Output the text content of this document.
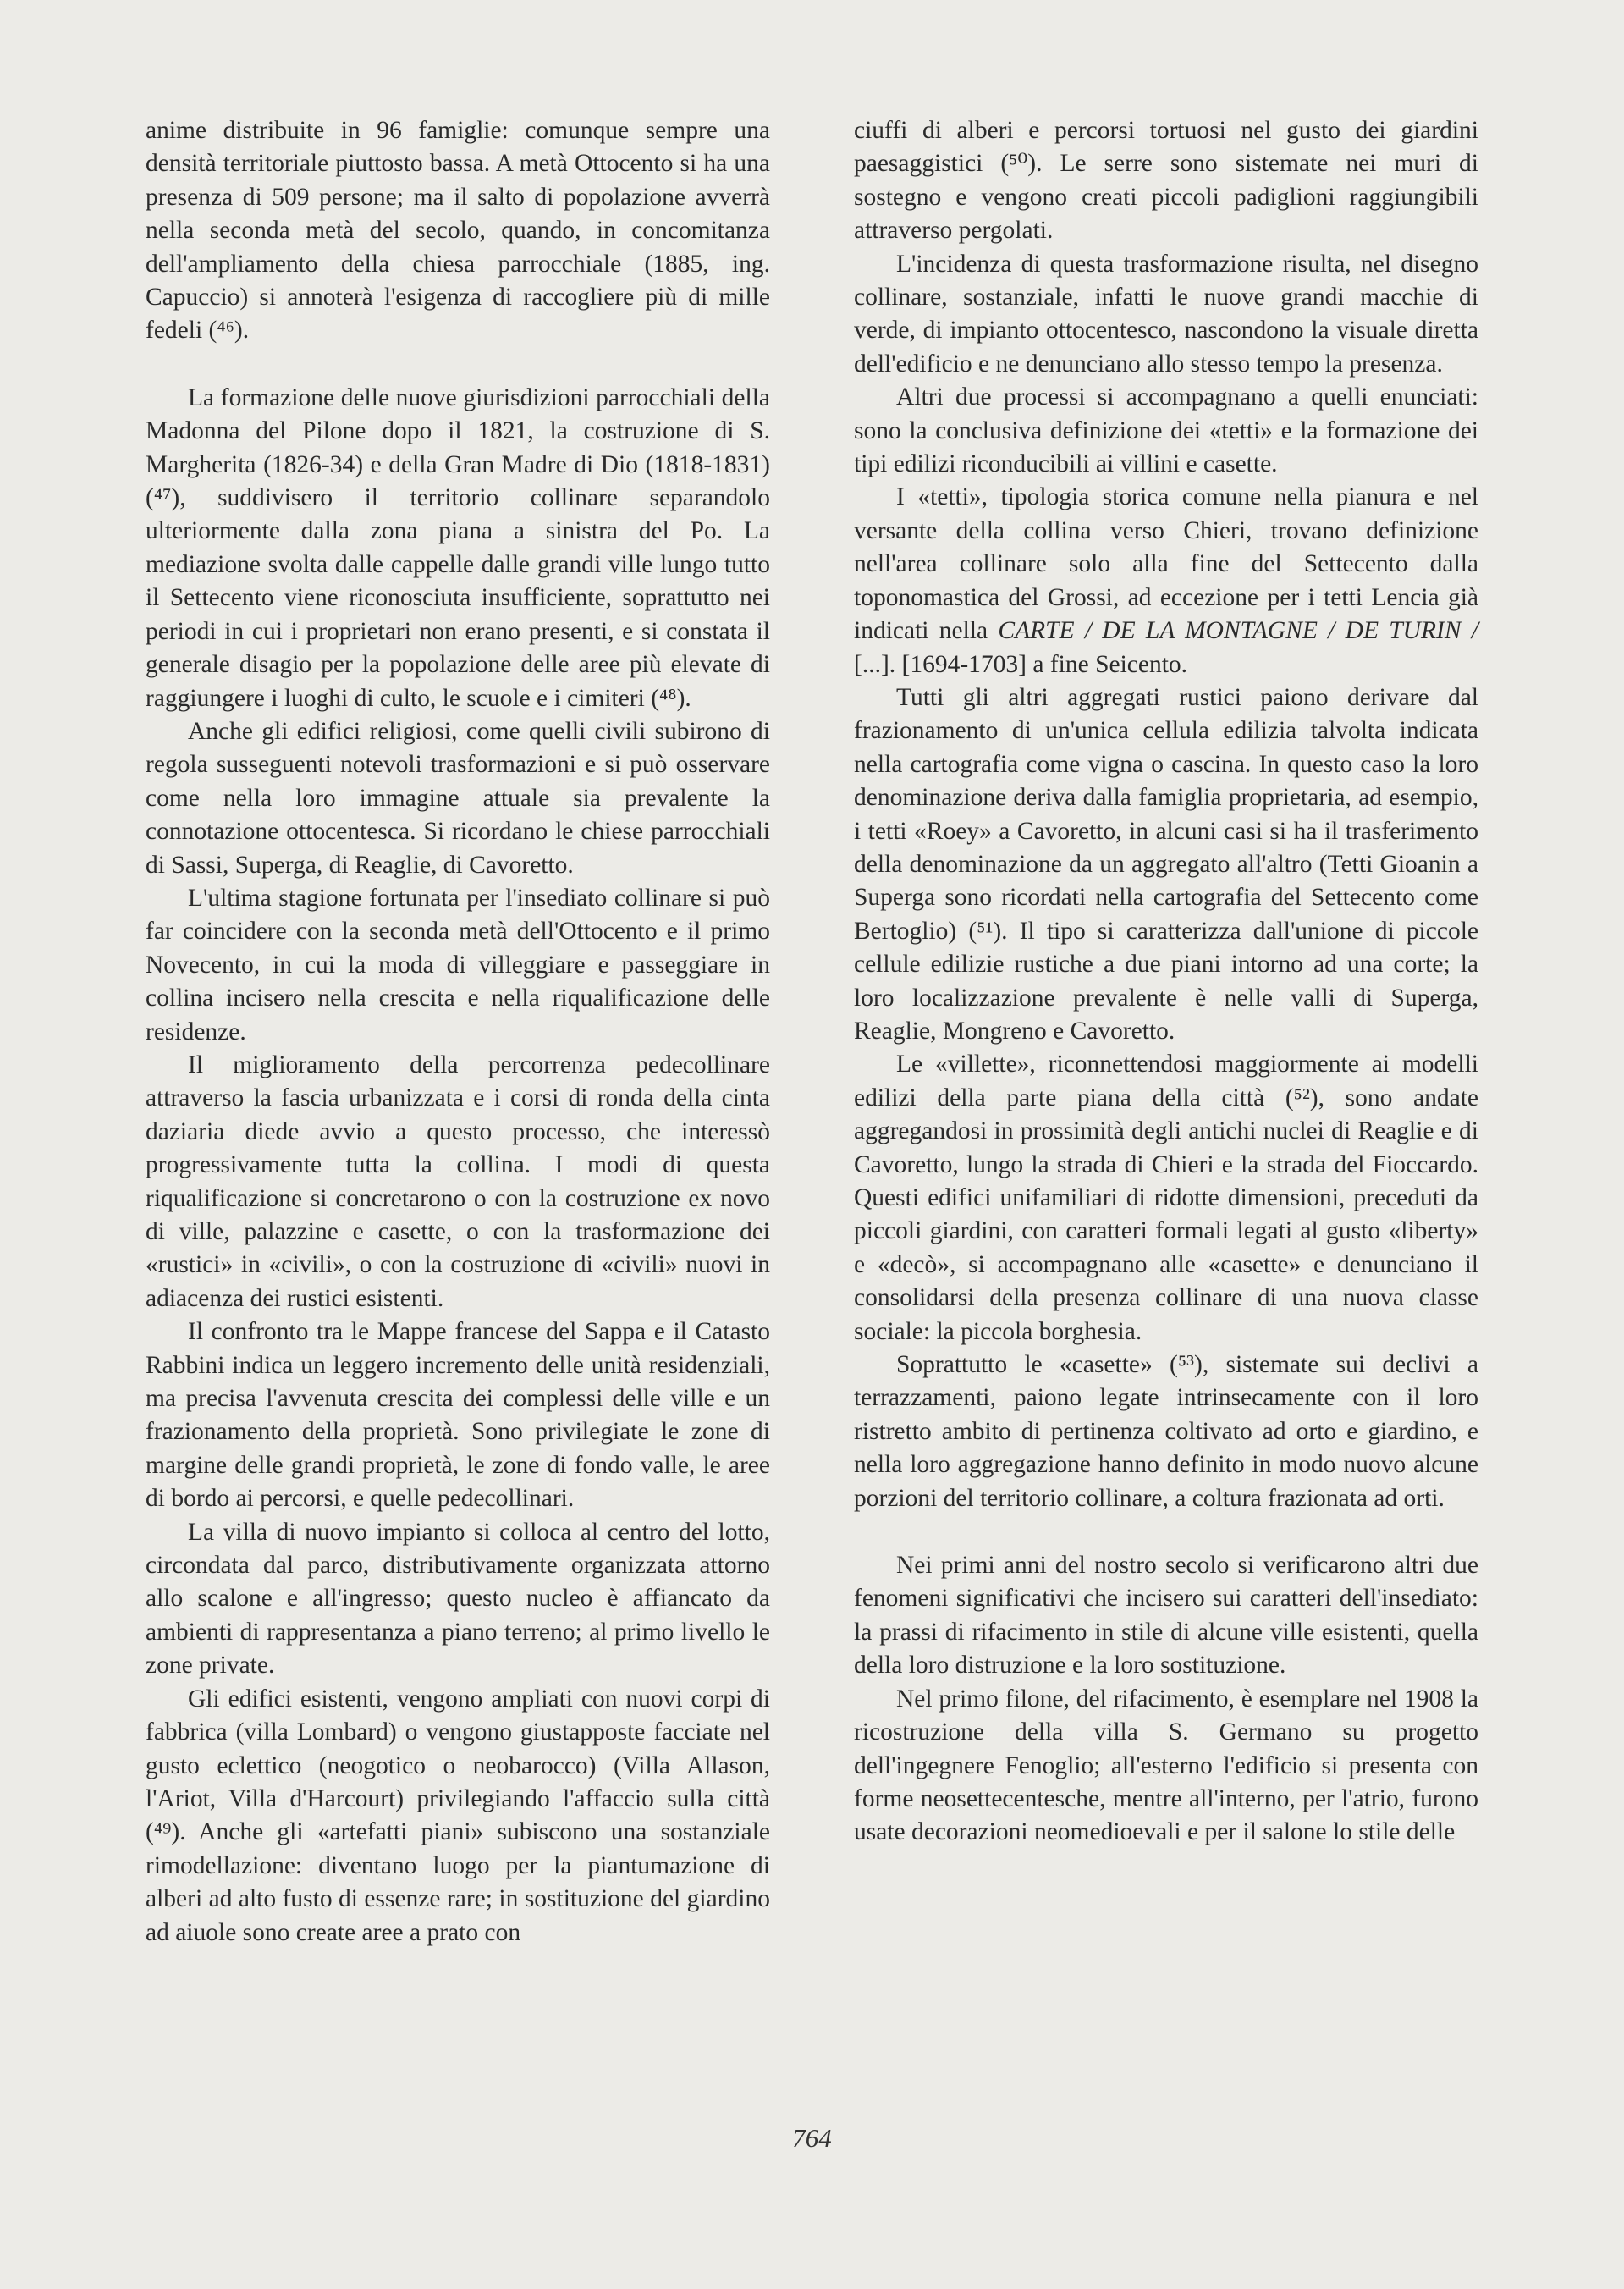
anime distribuite in 96 famiglie: comunque sempre una densità territoriale piuttosto bassa. A metà Ottocento si ha una presenza di 509 persone; ma il salto di popolazione avverrà nella seconda metà del secolo, quando, in concomitanza dell'ampliamento della chiesa parrocchiale (1885, ing. Capuccio) si annoterà l'esigenza di raccogliere più di mille fedeli (⁴⁶).

La formazione delle nuove giurisdizioni parrocchiali della Madonna del Pilone dopo il 1821, la costruzione di S. Margherita (1826-34) e della Gran Madre di Dio (1818-1831) (⁴⁷), suddivisero il territorio collinare separandolo ulteriormente dalla zona piana a sinistra del Po. La mediazione svolta dalle cappelle dalle grandi ville lungo tutto il Settecento viene riconosciuta insufficiente, soprattutto nei periodi in cui i proprietari non erano presenti, e si constata il generale disagio per la popolazione delle aree più elevate di raggiungere i luoghi di culto, le scuole e i cimiteri (⁴⁸).

Anche gli edifici religiosi, come quelli civili subirono di regola susseguenti notevoli trasformazioni e si può osservare come nella loro immagine attuale sia prevalente la connotazione ottocentesca. Si ricordano le chiese parrocchiali di Sassi, Superga, di Reaglie, di Cavoretto.

L'ultima stagione fortunata per l'insediato collinare si può far coincidere con la seconda metà dell'Ottocento e il primo Novecento, in cui la moda di villeggiare e passeggiare in collina incisero nella crescita e nella riqualificazione delle residenze.

Il miglioramento della percorrenza pedecollinare attraverso la fascia urbanizzata e i corsi di ronda della cinta daziaria diede avvio a questo processo, che interessò progressivamente tutta la collina. I modi di questa riqualificazione si concretarono o con la costruzione ex novo di ville, palazzine e casette, o con la trasformazione dei «rustici» in «civili», o con la costruzione di «civili» nuovi in adiacenza dei rustici esistenti.

Il confronto tra le Mappe francese del Sappa e il Catasto Rabbini indica un leggero incremento delle unità residenziali, ma precisa l'avvenuta crescita dei complessi delle ville e un frazionamento della proprietà. Sono privilegiate le zone di margine delle grandi proprietà, le zone di fondo valle, le aree di bordo ai percorsi, e quelle pedecollinari.

La villa di nuovo impianto si colloca al centro del lotto, circondata dal parco, distributivamente organizzata attorno allo scalone e all'ingresso; questo nucleo è affiancato da ambienti di rappresentanza a piano terreno; al primo livello le zone private.

Gli edifici esistenti, vengono ampliati con nuovi corpi di fabbrica (villa Lombard) o vengono giustapposte facciate nel gusto eclettico (neogotico o neobarocco) (Villa Allason, l'Ariot, Villa d'Harcourt) privilegiando l'affaccio sulla città (⁴⁹). Anche gli «artefatti piani» subiscono una sostanziale rimodellazione: diventano luogo per la piantumazione di alberi ad alto fusto di essenze rare; in sostituzione del giardino ad aiuole sono create aree a prato con

ciuffi di alberi e percorsi tortuosi nel gusto dei giardini paesaggistici (⁵⁰). Le serre sono sistemate nei muri di sostegno e vengono creati piccoli padiglioni raggiungibili attraverso pergolati.

L'incidenza di questa trasformazione risulta, nel disegno collinare, sostanziale, infatti le nuove grandi macchie di verde, di impianto ottocentesco, nascondono la visuale diretta dell'edificio e ne denunciano allo stesso tempo la presenza.

Altri due processi si accompagnano a quelli enunciati: sono la conclusiva definizione dei «tetti» e la formazione dei tipi edilizi riconducibili ai villini e casette.

I «tetti», tipologia storica comune nella pianura e nel versante della collina verso Chieri, trovano definizione nell'area collinare solo alla fine del Settecento dalla toponomastica del Grossi, ad eccezione per i tetti Lencia già indicati nella CARTE / DE LA MONTAGNE / DE TURIN / [...]. [1694-1703] a fine Seicento.

Tutti gli altri aggregati rustici paiono derivare dal frazionamento di un'unica cellula edilizia talvolta indicata nella cartografia come vigna o cascina. In questo caso la loro denominazione deriva dalla famiglia proprietaria, ad esempio, i tetti «Roey» a Cavoretto, in alcuni casi si ha il trasferimento della denominazione da un aggregato all'altro (Tetti Gioanin a Superga sono ricordati nella cartografia del Settecento come Bertoglio) (⁵¹). Il tipo si caratterizza dall'unione di piccole cellule edilizie rustiche a due piani intorno ad una corte; la loro localizzazione prevalente è nelle valli di Superga, Reaglie, Mongreno e Cavoretto.

Le «villette», riconnettendosi maggiormente ai modelli edilizi della parte piana della città (⁵²), sono andate aggregandosi in prossimità degli antichi nuclei di Reaglie e di Cavoretto, lungo la strada di Chieri e la strada del Fioccardo. Questi edifici unifamiliari di ridotte dimensioni, preceduti da piccoli giardini, con caratteri formali legati al gusto «liberty» e «decò», si accompagnano alle «casette» e denunciano il consolidarsi della presenza collinare di una nuova classe sociale: la piccola borghesia.

Soprattutto le «casette» (⁵³), sistemate sui declivi a terrazzamenti, paiono legate intrinsecamente con il loro ristretto ambito di pertinenza coltivato ad orto e giardino, e nella loro aggregazione hanno definito in modo nuovo alcune porzioni del territorio collinare, a coltura frazionata ad orti.

Nei primi anni del nostro secolo si verificarono altri due fenomeni significativi che incisero sui caratteri dell'insediato: la prassi di rifacimento in stile di alcune ville esistenti, quella della loro distruzione e la loro sostituzione.

Nel primo filone, del rifacimento, è esemplare nel 1908 la ricostruzione della villa S. Germano su progetto dell'ingegnere Fenoglio; all'esterno l'edificio si presenta con forme neosettecentesche, mentre all'interno, per l'atrio, furono usate decorazioni neomedioevali e per il salone lo stile delle

764
